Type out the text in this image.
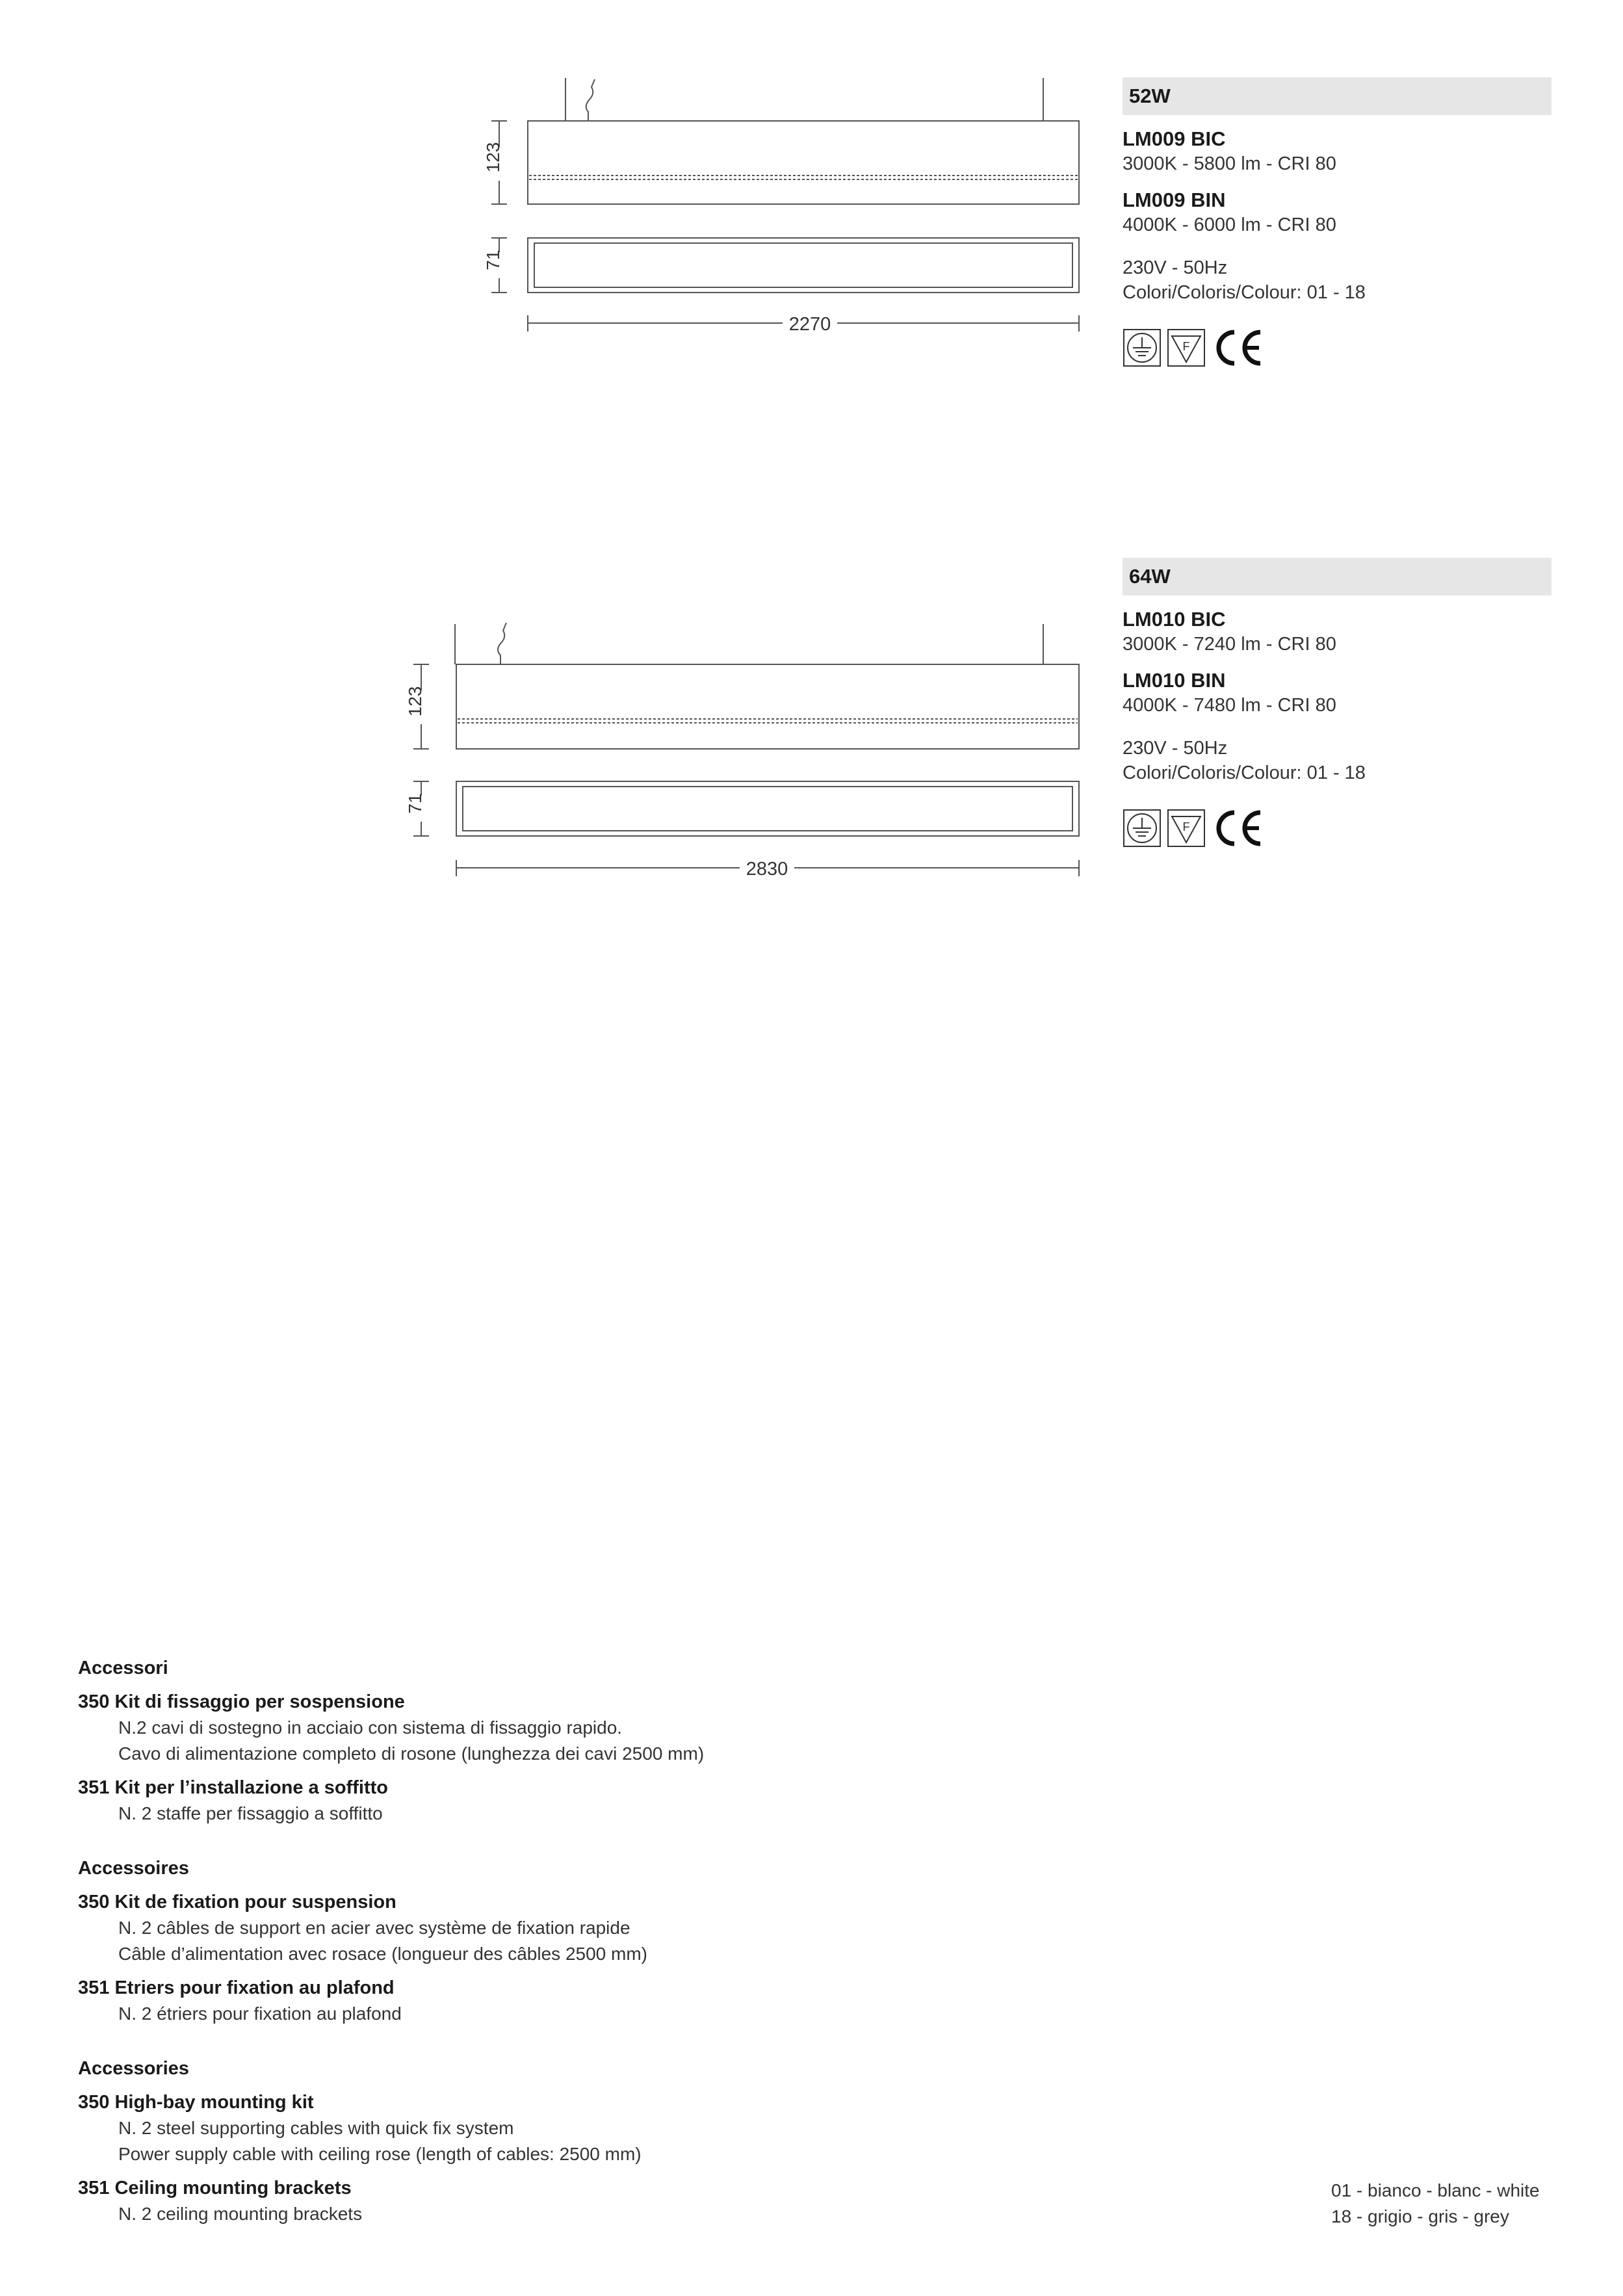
123
71
2270
52W
LM009 BIC
3000K - 5800 lm - CRI 80
LM009 BIN
4000K - 6000 lm - CRI 80
230V - 50Hz
Colori/Coloris/Colour: 01 - 18
F
123
71
2830
64W
LM010 BIC
3000K - 7240 lm - CRI 80
LM010 BIN
4000K - 7480 lm - CRI 80
230V - 50Hz
Colori/Coloris/Colour: 01 - 18
F
Accessori
350 Kit di fissaggio per sospensione
N.2 cavi di sostegno in acciaio con sistema di fissaggio rapido.
Cavo di alimentazione completo di rosone (lunghezza dei cavi 2500 mm)
351 Kit per l’installazione a soffitto
N. 2 staffe per fissaggio a soffitto
Accessoires
350 Kit de fixation pour suspension
N. 2 câbles de support en acier avec système de fixation rapide
Câble d’alimentation avec rosace (longueur des câbles 2500 mm)
351 Etriers pour fixation au plafond
N. 2 étriers pour fixation au plafond
Accessories
350 High-bay mounting kit
N. 2 steel supporting cables with quick fix system
Power supply cable with ceiling rose (length of cables: 2500 mm)
351 Ceiling mounting brackets
N. 2 ceiling mounting brackets
01 - bianco - blanc - white
18 - grigio - gris - grey
